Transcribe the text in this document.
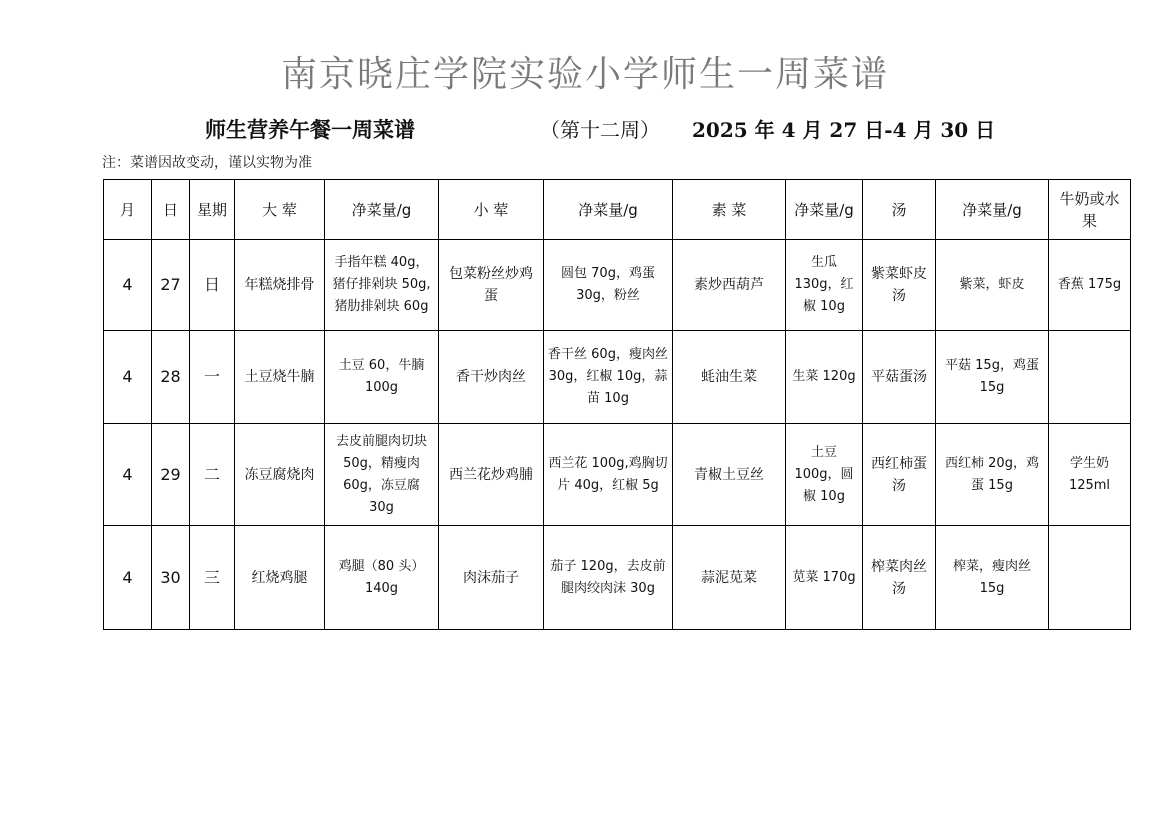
南京晓庄学院实验小学师生一周菜谱
师生营养午餐一周菜谱	（第十二周） 2025 年 4 月 27 日-4 月 30 日
注：菜谱因故变动，谨以实物为准
月	日	星期	大 荤	净菜量/g	小 荤	净菜量/g	素 菜	净菜量/g	汤	净菜量/g	牛奶或水果
4	27	日	年糕烧排骨	手指年糕 40g，猪仔排剁块 50g,猪肋排剁块 60g	包菜粉丝炒鸡蛋	圆包 70g，鸡蛋 30g，粉丝	素炒西葫芦	生瓜 130g，红椒 10g	紫菜虾皮汤	紫菜，虾皮	香蕉 175g
4	28	一	土豆烧牛腩	土豆 60，牛腩 100g	香干炒肉丝	香干丝 60g，瘦肉丝 30g，红椒 10g，蒜苗 10g	蚝油生菜	生菜 120g	平菇蛋汤	平菇 15g，鸡蛋 15g	
4	29	二	冻豆腐烧肉	去皮前腿肉切块 50g，精瘦肉 60g，冻豆腐 30g	西兰花炒鸡脯	西兰花 100g,鸡胸切片 40g，红椒 5g	青椒土豆丝	土豆 100g，圆椒 10g	西红柿蛋汤	西红柿 20g，鸡蛋 15g	学生奶 125ml
4	30	三	红烧鸡腿	鸡腿（80 头）140g	肉沫茄子	茄子 120g，去皮前腿肉绞肉沫 30g	蒜泥苋菜	苋菜 170g	榨菜肉丝汤	榨菜，瘦肉丝 15g	
